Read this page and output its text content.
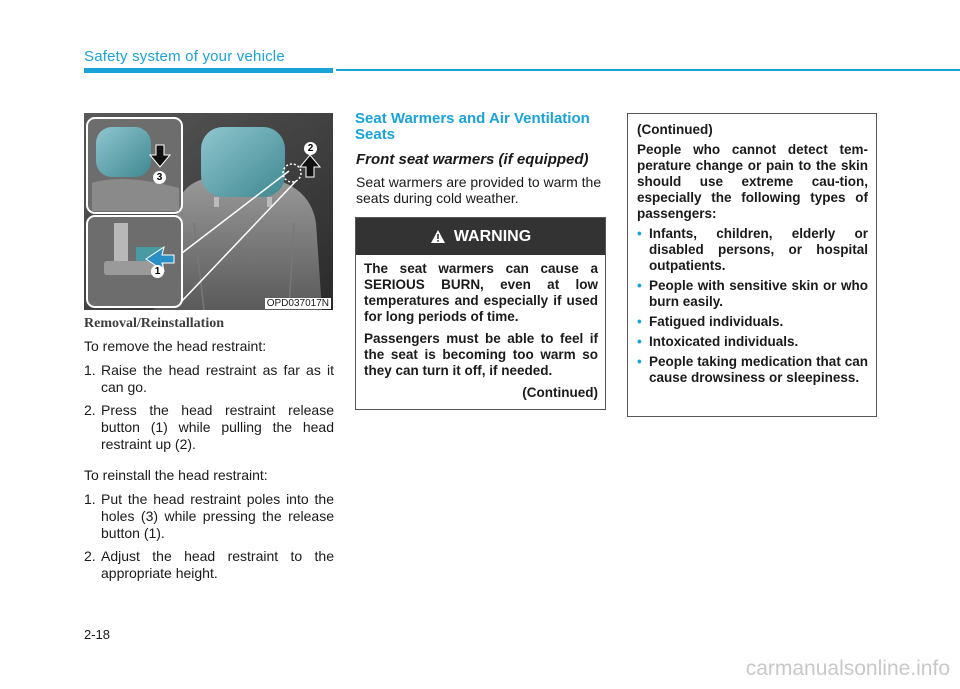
Safety system of your vehicle
1
2
3
OPD037017N
Removal/Reinstallation
To remove the head restraint:
1. Raise the head restraint as far as it can go.
2. Press the head restraint release button (1) while pulling the head restraint up (2).
To reinstall the head restraint:
1. Put the head restraint poles into the holes (3) while pressing the release button (1).
2. Adjust the head restraint to the appropriate height.
Seat Warmers and Air Ventilation Seats
Front seat warmers (if equipped)
Seat warmers are provided to warm the seats during cold weather.
WARNING

The seat warmers can cause a SERIOUS BURN, even at low temperatures and especially if used for long periods of time.

Passengers must be able to feel if the seat is becoming too warm so they can turn it off, if needed.

(Continued)

(Continued)

People who cannot detect tem-perature change or pain to the skin should use extreme cau-tion, especially the following types of passengers:

• Infants, children, elderly or disabled persons, or hospital outpatients.
• People with sensitive skin or who burn easily.
• Fatigued individuals.
• Intoxicated individuals.
• People taking medication that can cause drowsiness or sleepiness.
2-18
carmanualsonline.info
